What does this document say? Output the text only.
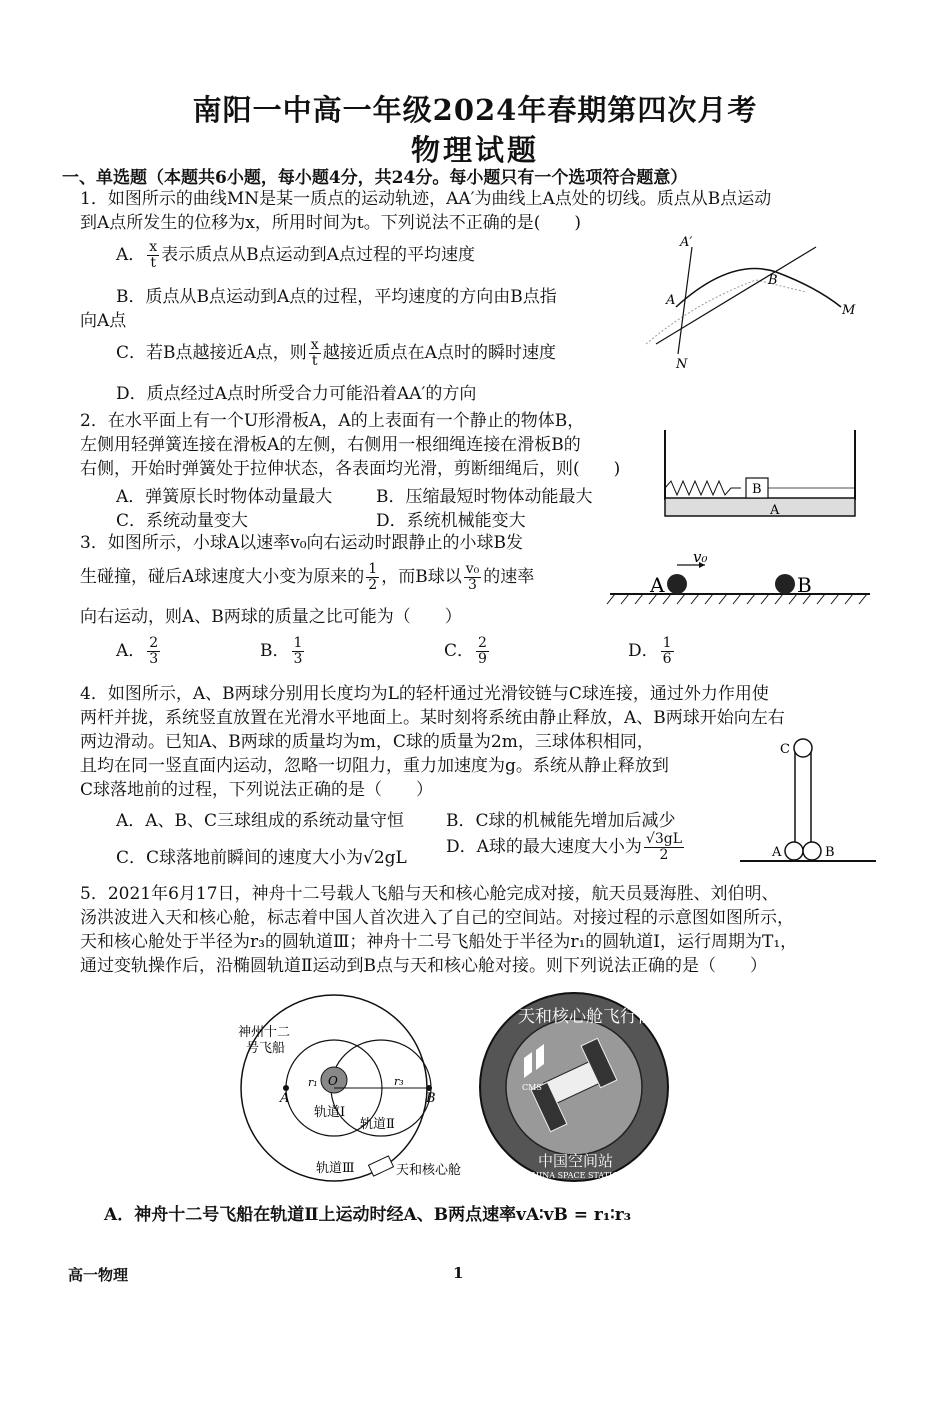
南阳一中高一年级2024年春期第四次月考
物理试题
一、单选题（本题共6小题，每小题4分，共24分。每小题只有一个选项符合题意）
1．如图所示的曲线MN是某一质点的运动轨迹，AA′为曲线上A点处的切线。质点从B点运动
到A点所发生的位移为x，所用时间为t。下列说法不正确的是(　　)
A． $\frac{x}{t}$ 表示质点从B点运动到A点过程的平均速度
B．质点从B点运动到A点的过程，平均速度的方向由B点指
向A点
C．若B点越接近A点，则 $\frac{x}{t}$ 越接近质点在A点时的瞬时速度
D．质点经过A点时所受合力可能沿着AA′的方向
A′
A
B
M
N
2．在水平面上有一个U形滑板A，A的上表面有一个静止的物体B，
左侧用轻弹簧连接在滑板A的左侧，右侧用一根细绳连接在滑板B的
右侧，开始时弹簧处于拉伸状态，各表面均光滑，剪断细绳后，则(　　)
A．弹簧原长时物体动量最大	B．压缩最短时物体动能最大
C．系统动量变大	D．系统机械能变大
B
A
3．如图所示，小球A以速率v₀向右运动时跟静止的小球B发
生碰撞，碰后A球速度大小变为原来的 $\frac{1}{2}$ ，而B球以 $\frac{\text{v₀}}{3}$ 的速率
向右运动，则A、B两球的质量之比可能为（　　）
A． $\frac{2}{3}$	B． $\frac{1}{3}$	C． $\frac{2}{9}$	D． $\frac{1}{6}$
A	B
v₀
4．如图所示，A、B两球分别用长度均为L的轻杆通过光滑铰链与C球连接，通过外力作用使
两杆并拢，系统竖直放置在光滑水平地面上。某时刻将系统由静止释放，A、B两球开始向左右
两边滑动。已知A、B两球的质量均为m，C球的质量为2m，三球体积相同，
且均在同一竖直面内运动，忽略一切阻力，重力加速度为g。系统从静止释放到
C球落地前的过程，下列说法正确的是（　　）
A．A、B、C三球组成的系统动量守恒 B．C球的机械能先增加后减少
C．C球落地前瞬间的速度大小为√2gL
D．A球的最大速度大小为 $\frac{√3gL}{2}$
C
A	B
5．2021年6月17日，神舟十二号载人飞船与天和核心舱完成对接，航天员聂海胜、刘伯明、
汤洪波进入天和核心舱，标志着中国人首次进入了自己的空间站。对接过程的示意图如图所示，
天和核心舱处于半径为r₃的圆轨道Ⅲ；神舟十二号飞船处于半径为r₁的圆轨道Ⅰ，运行周期为T₁，
通过变轨操作后，沿椭圆轨道Ⅱ运动到B点与天和核心舱对接。则下列说法正确的是（　　）
神州十二
号飞船
A	B
O
r₁	r₃
轨道Ⅰ
轨道Ⅱ
轨道Ⅲ	天和核心舱
CMS
天和核心舱飞行任务
中国空间站
CHINA SPACE STATION
A．神舟十二号飞船在轨道Ⅱ上运动时经A、B两点速率vA∶vB = r₁∶r₃
高一物理	1
